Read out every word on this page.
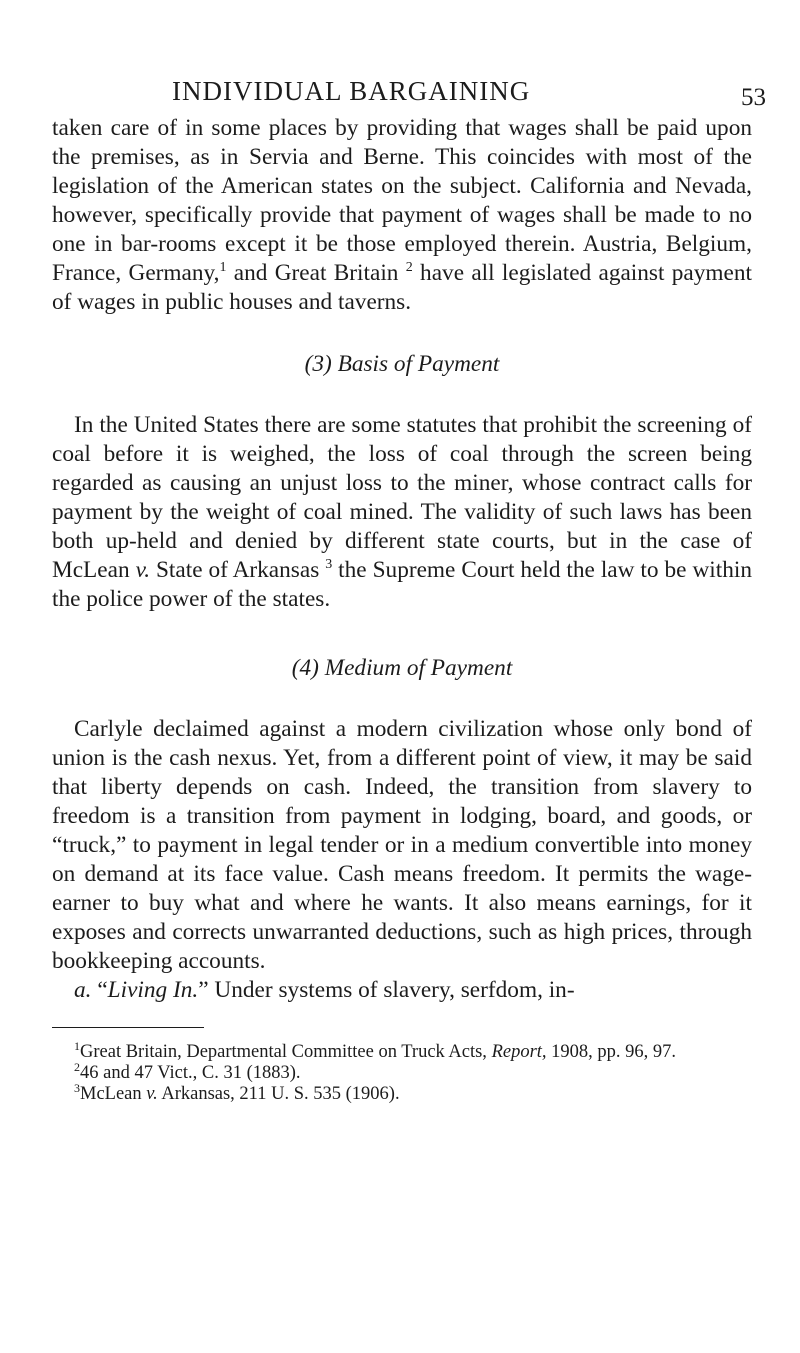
INDIVIDUAL BARGAINING	53

taken care of in some places by providing that wages shall be paid upon the premises, as in Servia and Berne. This coincides with most of the legislation of the American states on the subject. California and Nevada, however, specifically provide that payment of wages shall be made to no one in bar-rooms except it be those employed therein. Austria, Belgium, France, Germany,$^1$ and Great Britain $^2$ have all legislated against payment of wages in public houses and taverns.

(3) Basis of Payment

In the United States there are some statutes that prohibit the screening of coal before it is weighed, the loss of coal through the screen being regarded as causing an unjust loss to the miner, whose contract calls for payment by the weight of coal mined. The validity of such laws has been both up-held and denied by different state courts, but in the case of McLean v. State of Arkansas $^3$ the Supreme Court held the law to be within the police power of the states.

(4) Medium of Payment

Carlyle declaimed against a modern civilization whose only bond of union is the cash nexus. Yet, from a different point of view, it may be said that liberty depends on cash. Indeed, the transition from slavery to freedom is a transition from payment in lodging, board, and goods, or “truck,” to payment in legal tender or in a medium convertible into money on demand at its face value. Cash means freedom. It permits the wage-earner to buy what and where he wants. It also means earnings, for it exposes and corrects unwarranted deductions, such as high prices, through bookkeeping accounts.

a. “Living In.” Under systems of slavery, serfdom, in-

$^1$Great Britain, Departmental Committee on Truck Acts, Report, 1908, pp. 96, 97.

$^2$46 and 47 Vict., C. 31 (1883).

$^3$McLean v. Arkansas, 211 U. S. 535 (1906).
